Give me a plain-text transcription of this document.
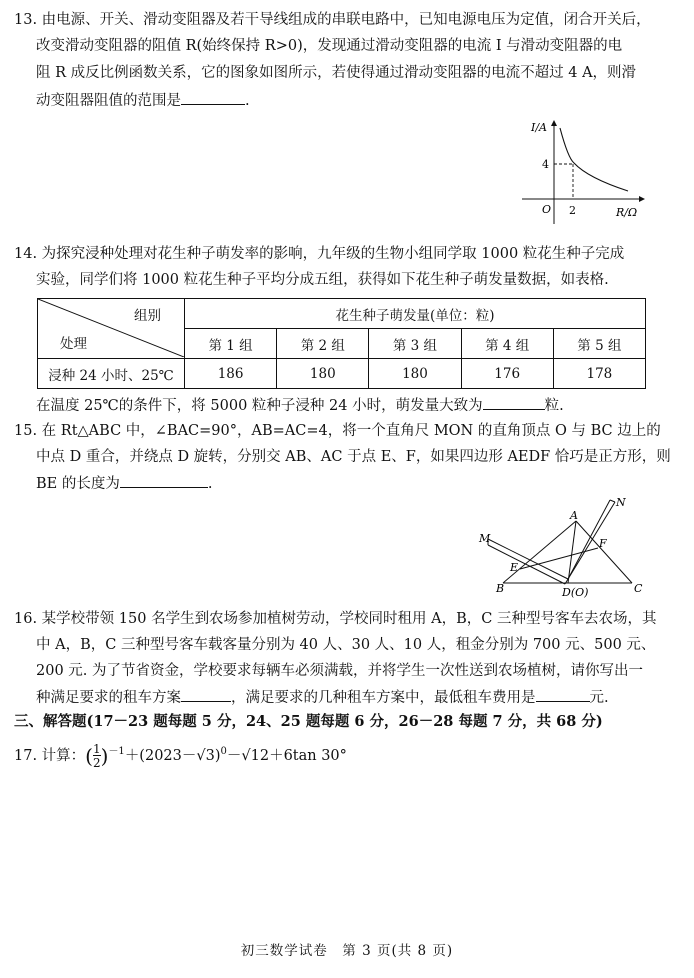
13. 由电源、开关、滑动变阻器及若干导线组成的串联电路中，已知电源电压为定值，闭合开关后，
改变滑动变阻器的阻值 R(始终保持 R>0)，发现通过滑动变阻器的电流 I 与滑动变阻器的电
阻 R 成反比例函数关系，它的图象如图所示，若使得通过滑动变阻器的电流不超过 4 A，则滑
动变阻器阻值的范围是	.
I/A
R/Ω
O
4
2
14. 为探究浸种处理对花生种子萌发率的影响，九年级的生物小组同学取 1000 粒花生种子完成
实验，同学们将 1000 粒花生种子平均分成五组，获得如下花生种子萌发量数据，如表格.
组别
处理	花生种子萌发量(单位：粒)				
	第 1 组	第 2 组	第 3 组	第 4 组	第 5 组
浸种 24 小时、25℃	186	180	180	176	178
在温度 25℃的条件下，将 5000 粒种子浸种 24 小时，萌发量大致为	粒.
15. 在 Rt△ABC 中，∠BAC=90°，AB=AC=4，将一个直角尺 MON 的直角顶点 O 与 BC 边上的
中点 D 重合，并绕点 D 旋转，分别交 AB、AC 于点 E、F，如果四边形 AEDF 恰巧是正方形，则
BE 的长度为	.
A
B	C
D(O)
E
F
M
N
16. 某学校带领 150 名学生到农场参加植树劳动，学校同时租用 A，B，C 三种型号客车去农场，其
中 A，B，C 三种型号客车载客量分别为 40 人、30 人、10 人，租金分别为 700 元、500 元、
200 元. 为了节省资金，学校要求每辆车必须满载，并将学生一次性送到农场植树，请你写出一
种满足要求的租车方案	，满足要求的几种租车方案中，最低租车费用是	元.
三、解答题(17－23 题每题 5 分，24、25 题每题 6 分，26－28 每题 7 分，共 68 分)
17. 计算：( $\frac{1}{2} )^{-1}+(2023-√3)^0-√12+6\tan$ 30°
初三数学试卷　第 3 页(共 8 页)
